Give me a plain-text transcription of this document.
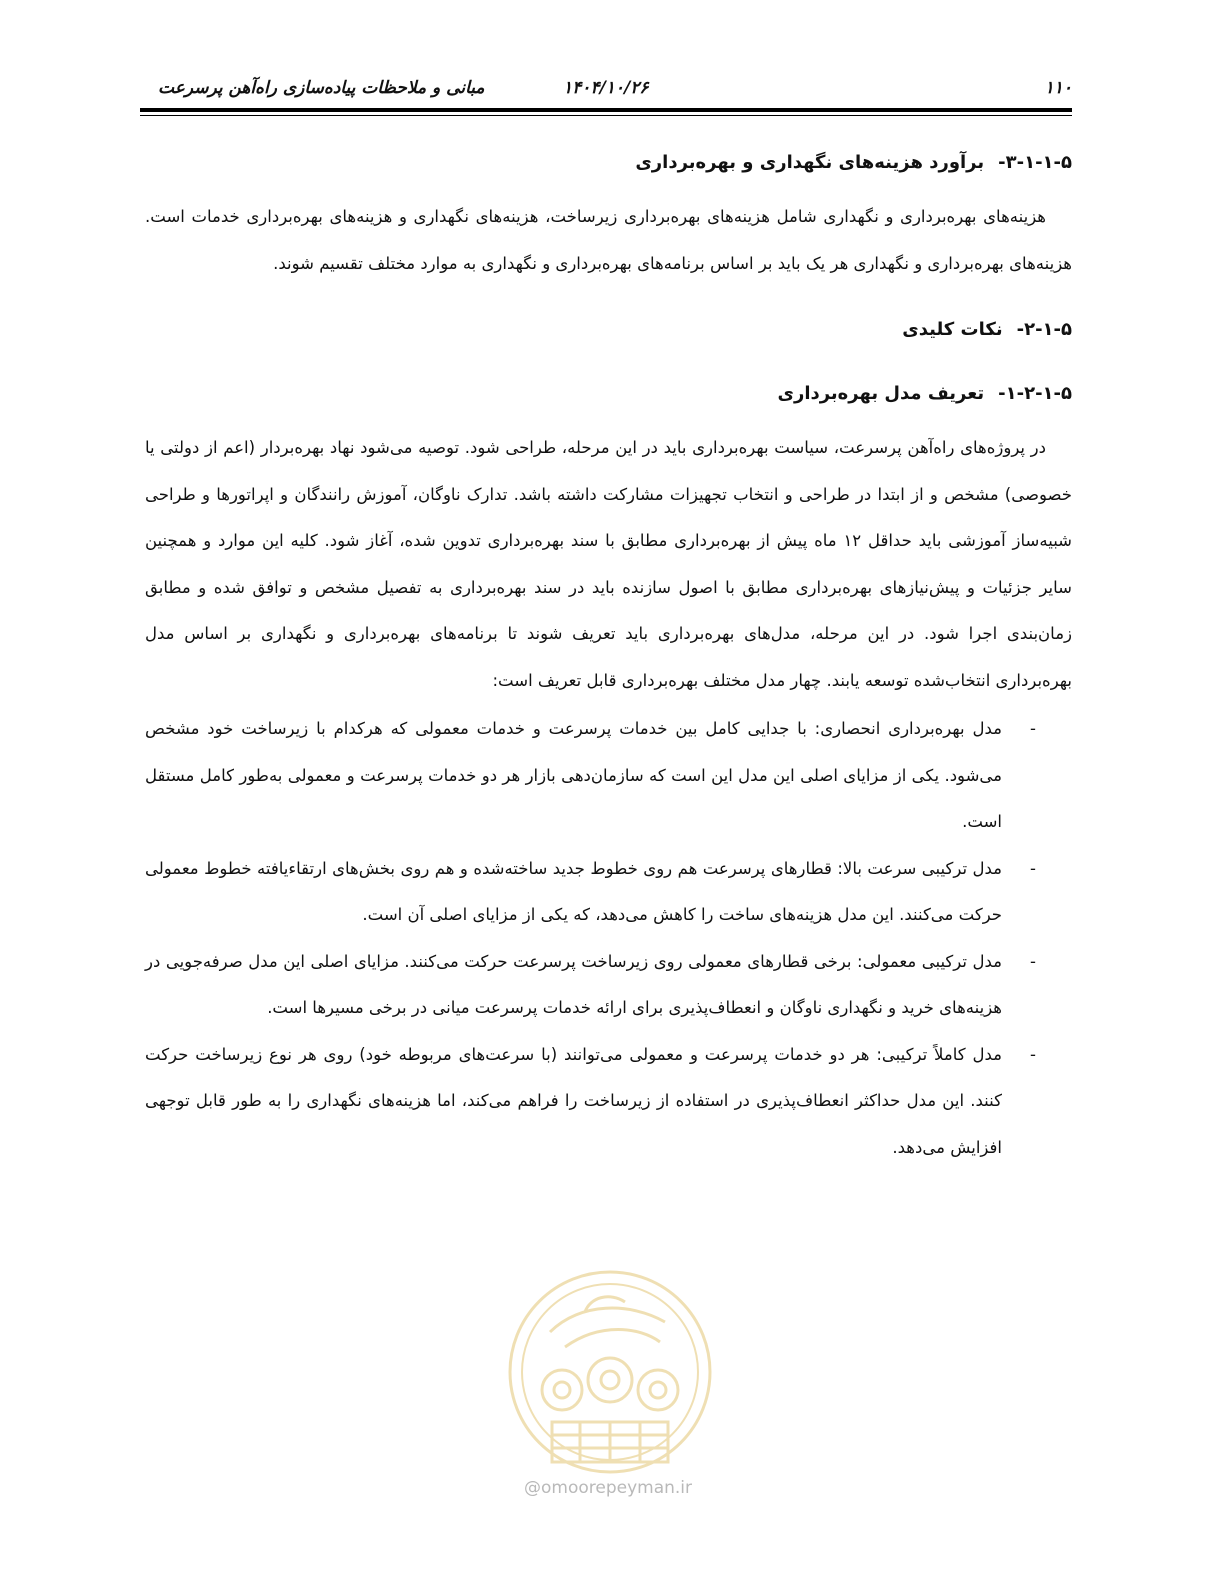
۱۱۰
۱۴۰۴/۱۰/۲۶
مبانی و ملاحظات پیاده‌سازی راه‌آهن پرسرعت
۳-۱-۱-۵-برآورد هزینه‌های نگهداری و بهره‌برداری

هزینه‌های بهره‌برداری و نگهداری شامل هزینه‌های بهره‌برداری زیرساخت، هزینه‌های نگهداری و هزینه‌های بهره‌برداری خدمات است. هزینه‌های بهره‌برداری و نگهداری هر یک باید بر اساس برنامه‌های بهره‌برداری و نگهداری به موارد مختلف تقسیم شوند.

۲-۱-۵-نکات کلیدی
۱-۲-۱-۵-تعریف مدل بهره‌برداری

در پروژه‌های راه‌آهن پرسرعت، سیاست بهره‌برداری باید در این مرحله، طراحی شود. توصیه می‌شود نهاد بهره‌بردار (اعم از دولتی یا خصوصی) مشخص و از ابتدا در طراحی و انتخاب تجهیزات مشارکت داشته باشد. تدارک ناوگان، آموزش رانندگان و اپراتورها و طراحی شبیه‌ساز آموزشی باید حداقل ۱۲ ماه پیش از بهره‌برداری مطابق با سند بهره‌برداری تدوین شده، آغاز شود. کلیه این موارد و همچنین سایر جزئیات و پیش‌نیازهای بهره‌برداری مطابق با اصول سازنده باید در سند بهره‌برداری به تفصیل مشخص و توافق شده و مطابق زمان‌بندی اجرا شود. در این مرحله، مدل‌های بهره‌برداری باید تعریف شوند تا برنامه‌های بهره‌برداری و نگهداری بر اساس مدل بهره‌برداری انتخاب‌شده توسعه یابند. چهار مدل مختلف بهره‌برداری قابل تعریف است:

-
مدل بهره‌برداری انحصاری: با جدایی کامل بین خدمات پرسرعت و خدمات معمولی که هرکدام با زیرساخت خود مشخص می‌شود. یکی از مزایای اصلی این مدل این است که سازمان‌دهی بازار هر دو خدمات پرسرعت و معمولی به‌طور کامل مستقل است.
-
مدل ترکیبی سرعت بالا: قطارهای پرسرعت هم روی خطوط جدید ساخته‌شده و هم روی بخش‌های ارتقاءیافته خطوط معمولی حرکت می‌کنند. این مدل هزینه‌های ساخت را کاهش می‌دهد، که یکی از مزایای اصلی آن است.
-
مدل ترکیبی معمولی: برخی قطارهای معمولی روی زیرساخت پرسرعت حرکت می‌کنند. مزایای اصلی این مدل صرفه‌جویی در هزینه‌های خرید و نگهداری ناوگان و انعطاف‌پذیری برای ارائه خدمات پرسرعت میانی در برخی مسیرها است.
-
مدل کاملاً ترکیبی: هر دو خدمات پرسرعت و معمولی می‌توانند (با سرعت‌های مربوطه خود) روی هر نوع زیرساخت حرکت کنند. این مدل حداکثر انعطاف‌پذیری در استفاده از زیرساخت را فراهم می‌کند، اما هزینه‌های نگهداری را به طور قابل توجهی افزایش می‌دهد.
@omoorepeyman.ir
